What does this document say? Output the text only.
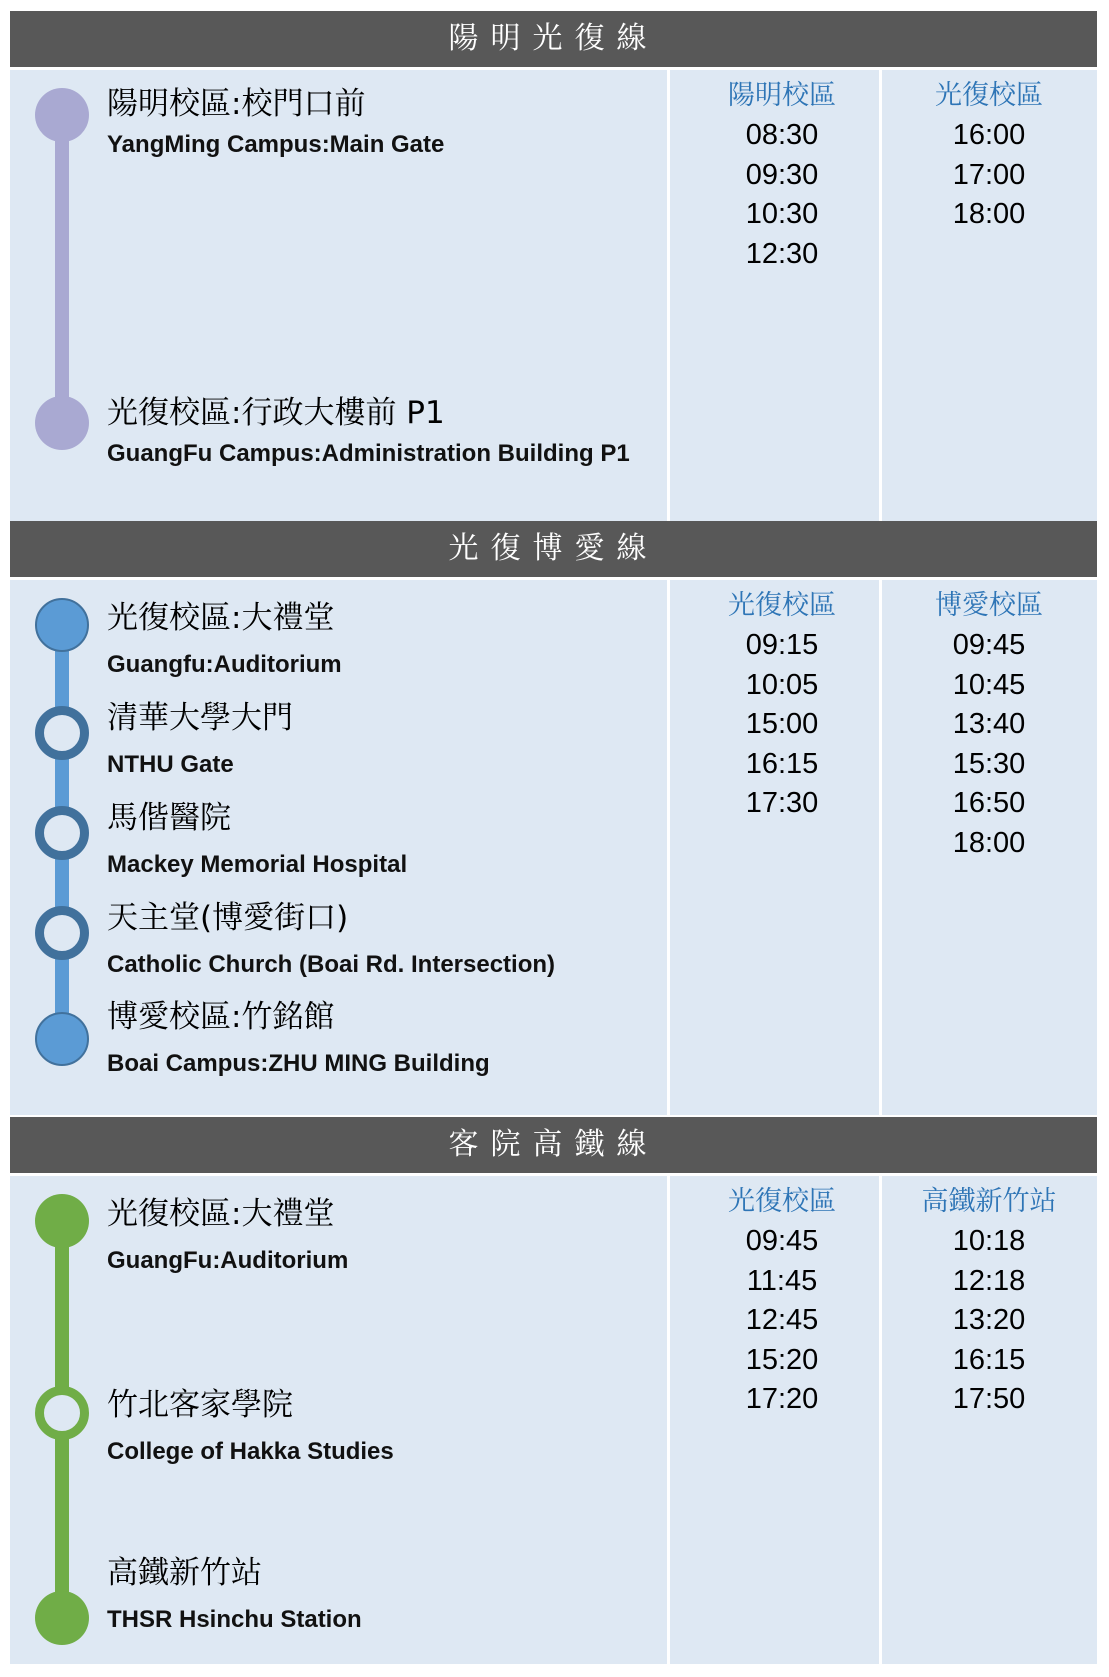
陽明光復線
陽明校區:校門口前
YangMing Campus:Main Gate
光復校區:行政大樓前 P1
GuangFu Campus:Administration Building P1
陽明校區
08:30
09:30
10:30
12:30
光復校區
16:00
17:00
18:00
光復博愛線
光復校區:大禮堂
Guangfu:Auditorium
清華大學大門
NTHU Gate
馬偕醫院
Mackey Memorial Hospital
天主堂(博愛街口)
Catholic Church (Boai Rd. Intersection)
博愛校區:竹銘館
Boai Campus:ZHU MING Building
光復校區
09:15
10:05
15:00
16:15
17:30
博愛校區
09:45
10:45
13:40
15:30
16:50
18:00
客院高鐵線
光復校區:大禮堂
GuangFu:Auditorium
竹北客家學院
College of Hakka Studies
高鐵新竹站
THSR Hsinchu Station
光復校區
09:45
11:45
12:45
15:20
17:20
高鐵新竹站
10:18
12:18
13:20
16:15
17:50
